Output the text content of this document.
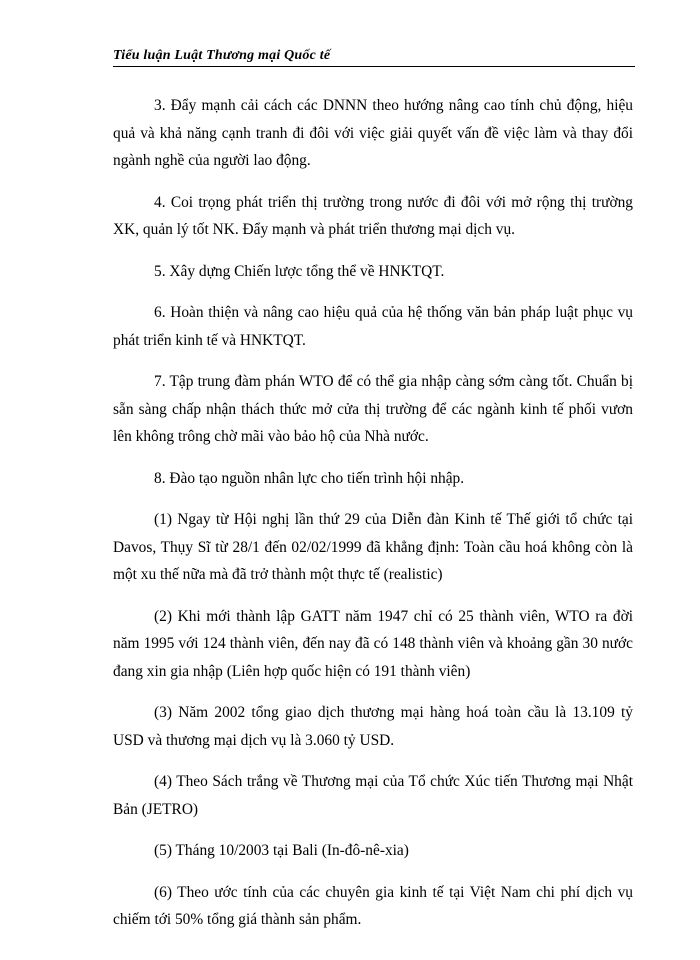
Tiểu luận Luật Thương mại Quốc tế

3. Đẩy mạnh cải cách các DNNN theo hướng nâng cao tính chủ động, hiệu quả và khả năng cạnh tranh đi đôi với việc giải quyết vấn đề việc làm và thay đổi ngành nghề của người lao động.

4. Coi trọng phát triển thị trường trong nước đi đôi với mở rộng thị trường XK, quản lý tốt NK. Đẩy mạnh và phát triển thương mại dịch vụ.

5. Xây dựng Chiến lược tổng thể về HNKTQT.

6. Hoàn thiện và nâng cao hiệu quả của hệ thống văn bản pháp luật phục vụ phát triển kinh tế và HNKTQT.

7. Tập trung đàm phán WTO để có thể gia nhập càng sớm càng tốt. Chuẩn bị sẵn sàng chấp nhận thách thức mở cửa thị trường để các ngành kinh tế phối vươn lên không trông chờ mãi vào bảo hộ của Nhà nước.

8. Đào tạo nguồn nhân lực cho tiến trình hội nhập.

(1) Ngay từ Hội nghị lần thứ 29 của Diễn đàn Kinh tế Thế giới tổ chức tại Davos, Thụy Sĩ từ 28/1 đến 02/02/1999 đã khẳng định: Toàn cầu hoá không còn là một xu thế nữa mà đã trở thành một thực tế (realistic)

(2) Khi mới thành lập GATT năm 1947 chỉ có 25 thành viên, WTO ra đời năm 1995 với 124 thành viên, đến nay đã có 148 thành viên và khoảng gần 30 nước đang xin gia nhập (Liên hợp quốc hiện có 191 thành viên)

(3) Năm 2002 tổng giao dịch thương mại hàng hoá toàn cầu là 13.109 tỷ USD và thương mại dịch vụ là 3.060 tỷ USD.

(4) Theo Sách trắng về Thương mại của Tổ chức Xúc tiến Thương mại Nhật Bản (JETRO)

(5) Tháng 10/2003 tại Bali (In-đô-nê-xia)

(6) Theo ước tính của các chuyên gia kinh tế tại Việt Nam chi phí dịch vụ chiếm tới 50% tổng giá thành sản phẩm.
